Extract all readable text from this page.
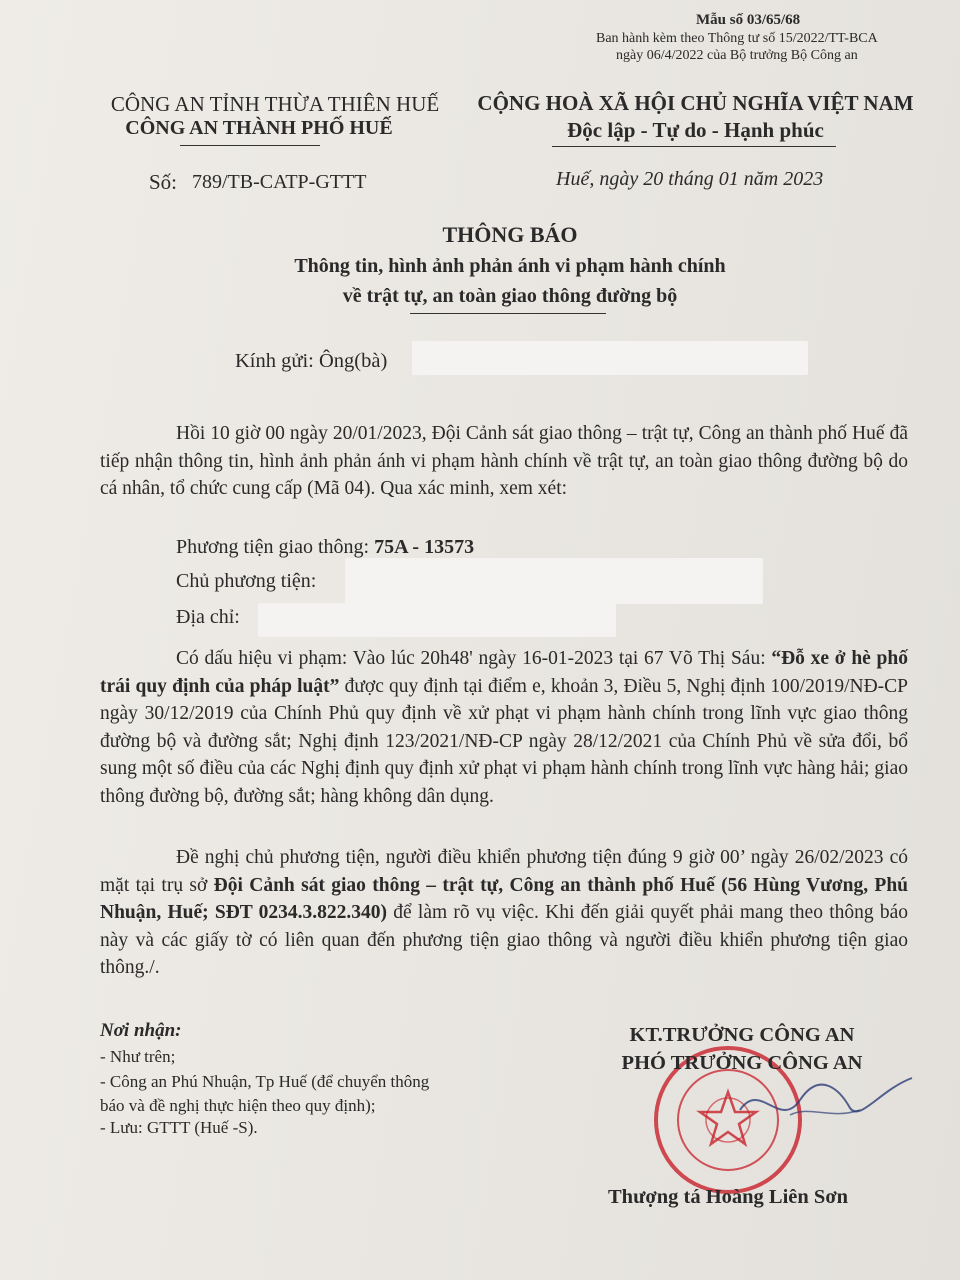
Mẫu số 03/65/68
Ban hành kèm theo Thông tư số 15/2022/TT-BCA
ngày 06/4/2022 của Bộ trưởng Bộ Công an
CÔNG AN TỈNH THỪA THIÊN HUẾ
CÔNG AN THÀNH PHỐ HUẾ
Số: 789/TB-CATP-GTTT
CỘNG HOÀ XÃ HỘI CHỦ NGHĨA VIỆT NAM
Độc lập - Tự do - Hạnh phúc
Huế, ngày 20 tháng 01 năm 2023
THÔNG BÁO
Thông tin, hình ảnh phản ánh vi phạm hành chính
về trật tự, an toàn giao thông đường bộ
Kính gửi: Ông(bà)

Hồi 10 giờ 00 ngày 20/01/2023, Đội Cảnh sát giao thông – trật tự, Công an thành phố Huế đã tiếp nhận thông tin, hình ảnh phản ánh vi phạm hành chính về trật tự, an toàn giao thông đường bộ do cá nhân, tổ chức cung cấp (Mã 04). Qua xác minh, xem xét:

Phương tiện giao thông: 75A - 13573
Chủ phương tiện:
Địa chỉ:

Có dấu hiệu vi phạm: Vào lúc 20h48' ngày 16-01-2023 tại 67 Võ Thị Sáu: “Đỗ xe ở hè phố trái quy định của pháp luật” được quy định tại điểm e, khoản 3, Điều 5, Nghị định 100/2019/NĐ-CP ngày 30/12/2019 của Chính Phủ quy định về xử phạt vi phạm hành chính trong lĩnh vực giao thông đường bộ và đường sắt; Nghị định 123/2021/NĐ-CP ngày 28/12/2021 của Chính Phủ về sửa đổi, bổ sung một số điều của các Nghị định quy định xử phạt vi phạm hành chính trong lĩnh vực hàng hải; giao thông đường bộ, đường sắt; hàng không dân dụng.

Đề nghị chủ phương tiện, người điều khiển phương tiện đúng 9 giờ 00’ ngày 26/02/2023 có mặt tại trụ sở Đội Cảnh sát giao thông – trật tự, Công an thành phố Huế (56 Hùng Vương, Phú Nhuận, Huế; SĐT 0234.3.822.340) để làm rõ vụ việc. Khi đến giải quyết phải mang theo thông báo này và các giấy tờ có liên quan đến phương tiện giao thông và người điều khiển phương tiện giao thông./.

Nơi nhận:
- Như trên;
- Công an Phú Nhuận, Tp Huế (để chuyển thông
báo và đề nghị thực hiện theo quy định);
- Lưu: GTTT (Huế -S).
KT.TRƯỞNG CÔNG AN
PHÓ TRƯỞNG CÔNG AN
Thượng tá Hoàng Liên Sơn
